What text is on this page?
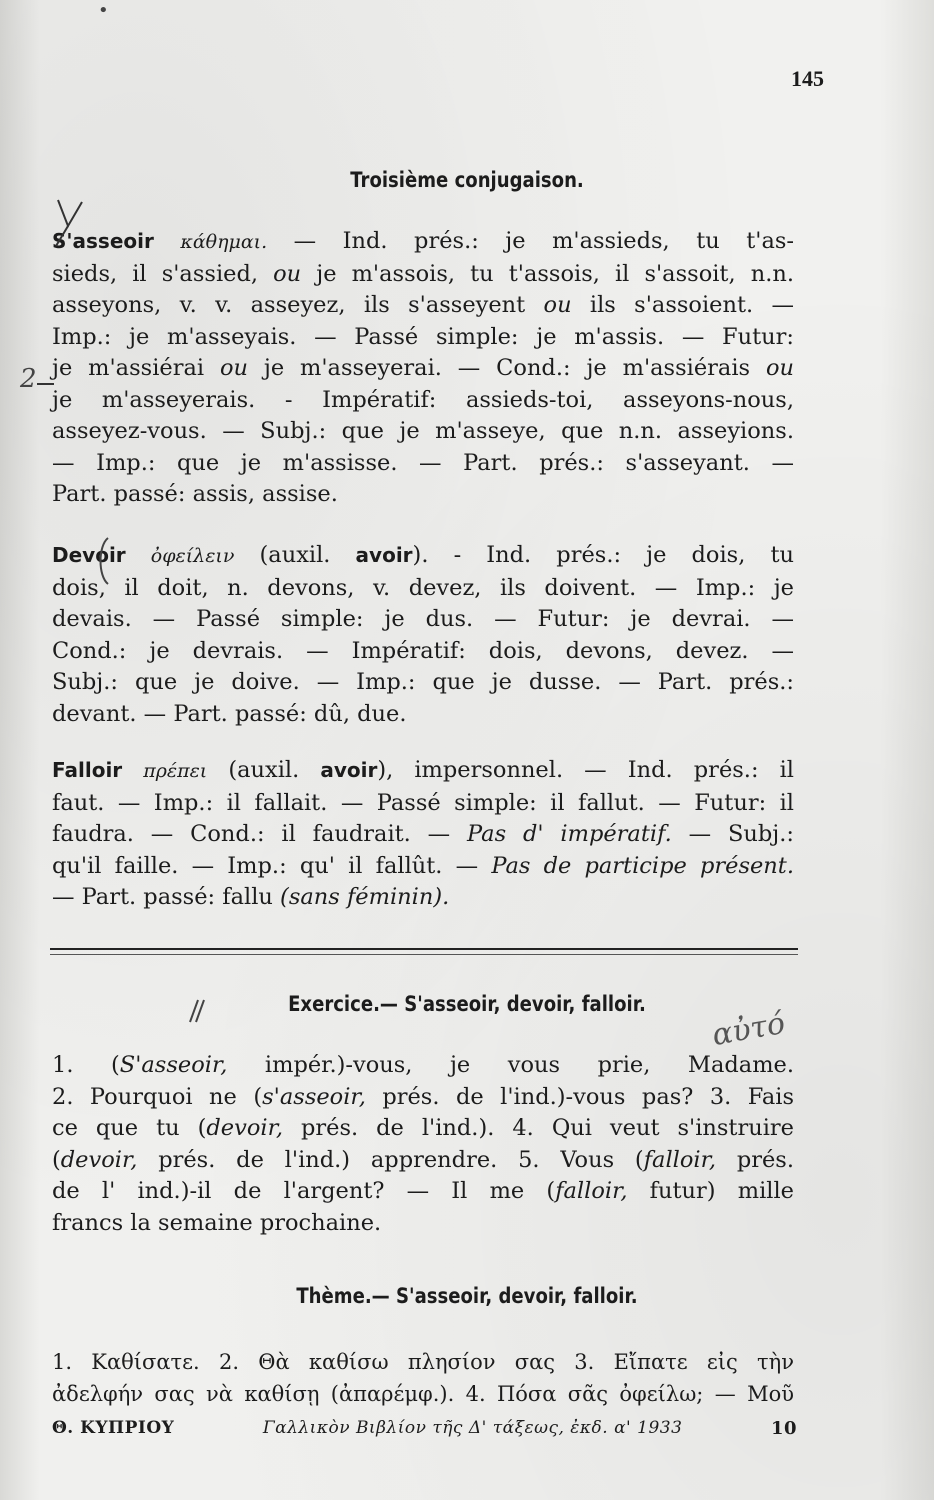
145
Troisième conjugaison.
S'asseoir κάθημαι. — Ind. prés.: je m'assieds, tu t'as-
sieds, il s'assied, ou je m'assois, tu t'assois, il s'assoit, n.n.
asseyons, v. v. asseyez, ils s'asseyent ou ils s'assoient. —
Imp.: je m'asseyais. — Passé simple: je m'assis. — Futur:
je m'assiérai ou je m'asseyerai. — Cond.: je m'assiérais ou
je m'asseyerais. - Impératif: assieds-toi, asseyons-nous,
asseyez-vous. — Subj.: que je m'asseye, que n.n. asseyions.
— Imp.: que je m'assisse. — Part. prés.: s'asseyant. —
Part. passé: assis, assise.
Devoir ὀφείλειν (auxil. avoir). - Ind. prés.: je dois, tu
dois, il doit, n. devons, v. devez, ils doivent. — Imp.: je
devais. — Passé simple: je dus. — Futur: je devrai. —
Cond.: je devrais. — Impératif: dois, devons, devez. —
Subj.: que je doive. — Imp.: que je dusse. — Part. prés.:
devant. — Part. passé: dû, due.
Falloir πρέπει (auxil. avoir), impersonnel. — Ind. prés.: il
faut. — Imp.: il fallait. — Passé simple: il fallut. — Futur: il
faudra. — Cond.: il faudrait. — Pas d' impératif. — Subj.:
qu'il faille. — Imp.: qu' il fallût. — Pas de participe présent.
— Part. passé: fallu (sans féminin).
Exercice.— S'asseoir, devoir, falloir.
1. (S'asseoir, impér.)-vous, je vous prie, Madame.
2. Pourquoi ne (s'asseoir, prés. de l'ind.)-vous pas? 3. Fais
ce que tu (devoir, prés. de l'ind.). 4. Qui veut s'instruire
(devoir, prés. de l'ind.) apprendre. 5. Vous (falloir, prés.
de l' ind.)-il de l'argent? — Il me (falloir, futur) mille
francs la semaine prochaine.
Thème.— S'asseoir, devoir, falloir.
1. Καθίσατε. 2. Θὰ καθίσω πλησίον σας 3. Εἴπατε εἰς τὴν
ἀδελφήν σας νὰ καθίσῃ (ἀπαρέμφ.). 4. Πόσα σᾶς ὀφείλω; — Μοῦ
Θ. ΚΥΠΡΙΟΥ	Γαλλικὸν Βιβλίον τῆς Δ' τάξεως, ἐκδ. α' 1933	10
2
αὐτό
•
